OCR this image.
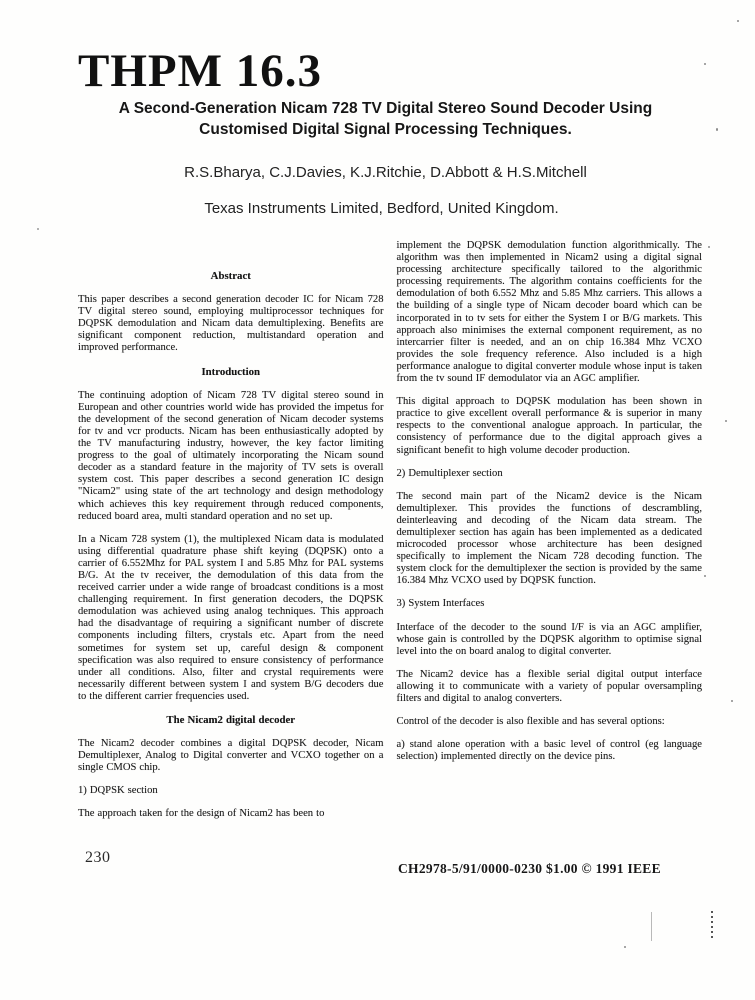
THPM 16.3

A Second-Generation Nicam 728 TV Digital Stereo Sound Decoder Using

Customised Digital Signal Processing Techniques.

R.S.Bharya, C.J.Davies, K.J.Ritchie, D.Abbott & H.S.Mitchell
Texas Instruments Limited, Bedford, United Kingdom.
Abstract

This paper describes a second generation decoder IC for Nicam 728 TV digital stereo sound, employing multiprocessor techniques for DQPSK demodulation and Nicam data demultiplexing. Benefits are significant component reduction, multistandard operation and improved performance.

Introduction

The continuing adoption of Nicam 728 TV digital stereo sound in European and other countries world wide has provided the impetus for the development of the second generation of Nicam decoder systems for tv and vcr products. Nicam has been enthusiastically adopted by the TV manufacturing industry, however, the key factor limiting progress to the goal of ultimately incorporating the Nicam sound decoder as a standard feature in the majority of TV sets is overall system cost. This paper describes a second generation IC design "Nicam2" using state of the art technology and design methodology which achieves this key requirement through reduced components, reduced board area, multi standard operation and no set up.

In a Nicam 728 system (1), the multiplexed Nicam data is modulated using differential quadrature phase shift keying (DQPSK) onto a carrier of 6.552Mhz for PAL system I and 5.85 Mhz for PAL systems B/G. At the tv receiver, the demodulation of this data from the received carrier under a wide range of broadcast conditions is a most challenging requirement. In first generation decoders, the DQPSK demodulation was achieved using analog techniques. This approach had the disadvantage of requiring a significant number of discrete components including filters, crystals etc. Apart from the need sometimes for system set up, careful design & component specification was also required to ensure consistency of performance under all conditions. Also, filter and crystal requirements were necessarily different between system I and system B/G decoders due to the different carrier frequencies used.

The Nicam2 digital decoder

The Nicam2 decoder combines a digital DQPSK decoder, Nicam Demultiplexer, Analog to Digital converter and VCXO together on a single CMOS chip.

1) DQPSK section

The approach taken for the design of Nicam2 has been to

implement the DQPSK demodulation function algorithmically. The algorithm was then implemented in Nicam2 using a digital signal processing architecture specifically tailored to the algorithmic processing requirements. The algorithm contains coefficients for the demodulation of both 6.552 Mhz and 5.85 Mhz carriers. This allows a the building of a single type of Nicam decoder board which can be incorporated in to tv sets for either the System I or B/G markets. This approach also minimises the external component requirement, as no intercarrier filter is needed, and an on chip 16.384 Mhz VCXO provides the sole frequency reference. Also included is a high performance analogue to digital converter module whose input is taken from the tv sound IF demodulator via an AGC amplifier.

This digital approach to DQPSK modulation has been shown in practice to give excellent overall performance & is superior in many respects to the conventional analogue approach. In particular, the consistency of performance due to the digital approach gives a significant benefit to high volume decoder production.

2) Demultiplexer section

The second main part of the Nicam2 device is the Nicam demultiplexer. This provides the functions of descrambling, deinterleaving and decoding of the Nicam data stream. The demultiplexer section has again has been implemented as a dedicated microcoded processor whose architecture has been designed specifically to implement the Nicam 728 decoding function. The system clock for the demultiplexer the section is provided by the same 16.384 Mhz VCXO used by DQPSK function.

3) System Interfaces

Interface of the decoder to the sound I/F is via an AGC amplifier, whose gain is controlled by the DQPSK algorithm to optimise signal level into the on board analog to digital converter.

The Nicam2 device has a flexible serial digital output interface allowing it to communicate with a variety of popular oversampling filters and digital to analog converters.

Control of the decoder is also flexible and has several options:

a) stand alone operation with a basic level of control (eg language selection) implemented directly on the device pins.

230
CH2978-5/91/0000-0230 $1.00 © 1991 IEEE
